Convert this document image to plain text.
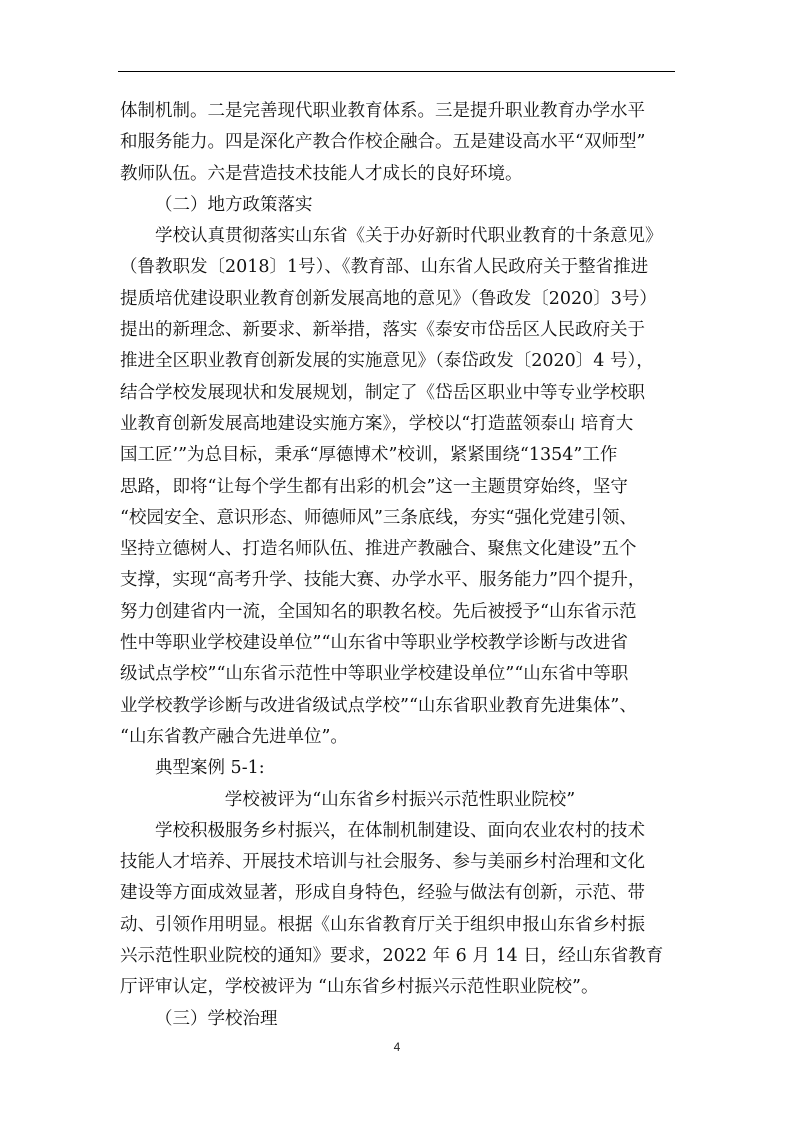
体制机制。二是完善现代职业教育体系。三是提升职业教育办学水平
和服务能力。四是深化产教合作校企融合。五是建设高水平“双师型”
教师队伍。六是营造技术技能人才成长的良好环境。
（二）地方政策落实
学校认真贯彻落实山东省《关于办好新时代职业教育的十条意见》
（鲁教职发〔2018〕1号）、《教育部、山东省人民政府关于整省推进
提质培优建设职业教育创新发展高地的意见》（鲁政发〔2020〕3号）
提出的新理念、新要求、新举措，落实《泰安市岱岳区人民政府关于
推进全区职业教育创新发展的实施意见》（泰岱政发〔2020〕4 号），
结合学校发展现状和发展规划，制定了《岱岳区职业中等专业学校职
业教育创新发展高地建设实施方案》，学校以“打造蓝领泰山 培育大
国工匠’”为总目标，秉承“厚德博术”校训，紧紧围绕“1354”工作
思路，即将“让每个学生都有出彩的机会”这一主题贯穿始终，坚守
“校园安全、意识形态、师德师风”三条底线，夯实“强化党建引领、
坚持立德树人、打造名师队伍、推进产教融合、聚焦文化建设”五个
支撑，实现“高考升学、技能大赛、办学水平、服务能力”四个提升，
努力创建省内一流，全国知名的职教名校。先后被授予“山东省示范
性中等职业学校建设单位”“山东省中等职业学校教学诊断与改进省
级试点学校”“山东省示范性中等职业学校建设单位”“山东省中等职
业学校教学诊断与改进省级试点学校”“山东省职业教育先进集体”、
“山东省教产融合先进单位”。
典型案例 5-1:
学校被评为“山东省乡村振兴示范性职业院校”
学校积极服务乡村振兴，在体制机制建设、面向农业农村的技术
技能人才培养、开展技术培训与社会服务、参与美丽乡村治理和文化
建设等方面成效显著，形成自身特色，经验与做法有创新，示范、带
动、引领作用明显。根据《山东省教育厅关于组织申报山东省乡村振
兴示范性职业院校的通知》要求，2022 年 6 月 14 日，经山东省教育
厅评审认定，学校被评为 “山东省乡村振兴示范性职业院校”。
（三）学校治理
4
